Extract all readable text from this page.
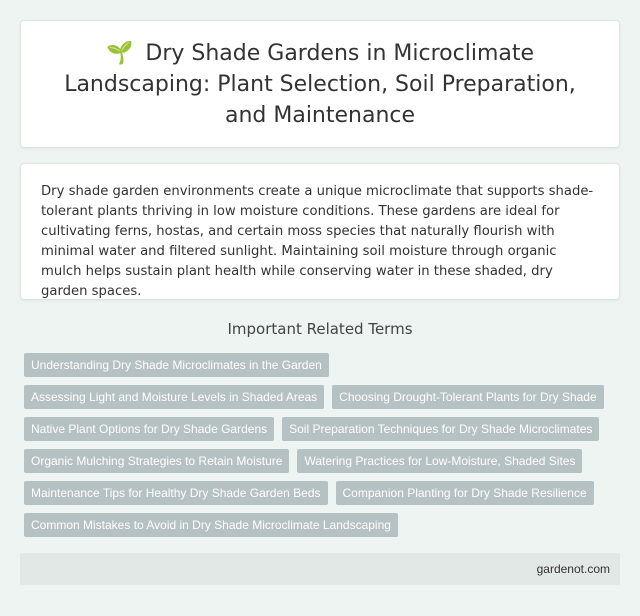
🌱 Dry Shade Gardens in Microclimate Landscaping: Plant Selection, Soil Preparation, and Maintenance

Dry shade garden environments create a unique microclimate that supports shade-tolerant plants thriving in low moisture conditions. These gardens are ideal for cultivating ferns, hostas, and certain moss species that naturally flourish with minimal water and filtered sunlight. Maintaining soil moisture through organic mulch helps sustain plant health while conserving water in these shaded, dry garden spaces.

Important Related Terms
Understanding Dry Shade Microclimates in the Garden
Assessing Light and Moisture Levels in Shaded Areas	Choosing Drought-Tolerant Plants for Dry Shade
Native Plant Options for Dry Shade Gardens	Soil Preparation Techniques for Dry Shade Microclimates
Organic Mulching Strategies to Retain Moisture	Watering Practices for Low-Moisture, Shaded Sites
Maintenance Tips for Healthy Dry Shade Garden Beds	Companion Planting for Dry Shade Resilience
Common Mistakes to Avoid in Dry Shade Microclimate Landscaping
gardenot.com
